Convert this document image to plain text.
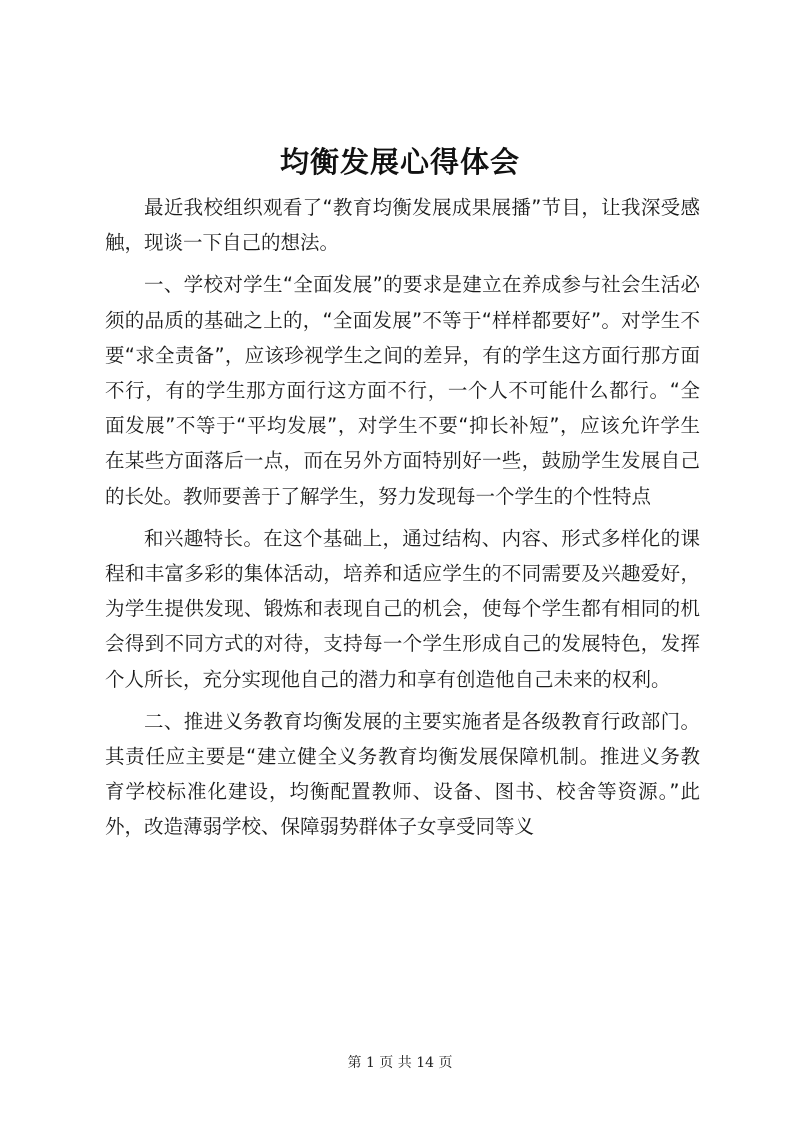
均衡发展心得体会

最近我校组织观看了“教育均衡发展成果展播”节目，让我深受感触，现谈一下自己的想法。

一、学校对学生“全面发展”的要求是建立在养成参与社会生活必须的品质的基础之上的，“全面发展”不等于“样样都要好”。对学生不要“求全责备”，应该珍视学生之间的差异，有的学生这方面行那方面不行，有的学生那方面行这方面不行，一个人不可能什么都行。“全面发展”不等于“平均发展”，对学生不要“抑长补短”，应该允许学生在某些方面落后一点，而在另外方面特别好一些，鼓励学生发展自己的长处。教师要善于了解学生，努力发现每一个学生的个性特点

和兴趣特长。在这个基础上，通过结构、内容、形式多样化的课程和丰富多彩的集体活动，培养和适应学生的不同需要及兴趣爱好，为学生提供发现、锻炼和表现自己的机会，使每个学生都有相同的机会得到不同方式的对待，支持每一个学生形成自己的发展特色，发挥个人所长，充分实现他自己的潜力和享有创造他自己未来的权利。

二、推进义务教育均衡发展的主要实施者是各级教育行政部门。其责任应主要是“建立健全义务教育均衡发展保障机制。推进义务教育学校标准化建设，均衡配置教师、设备、图书、校舍等资源。”此外，改造薄弱学校、保障弱势群体子女享受同等义

第 1 页 共 14 页
